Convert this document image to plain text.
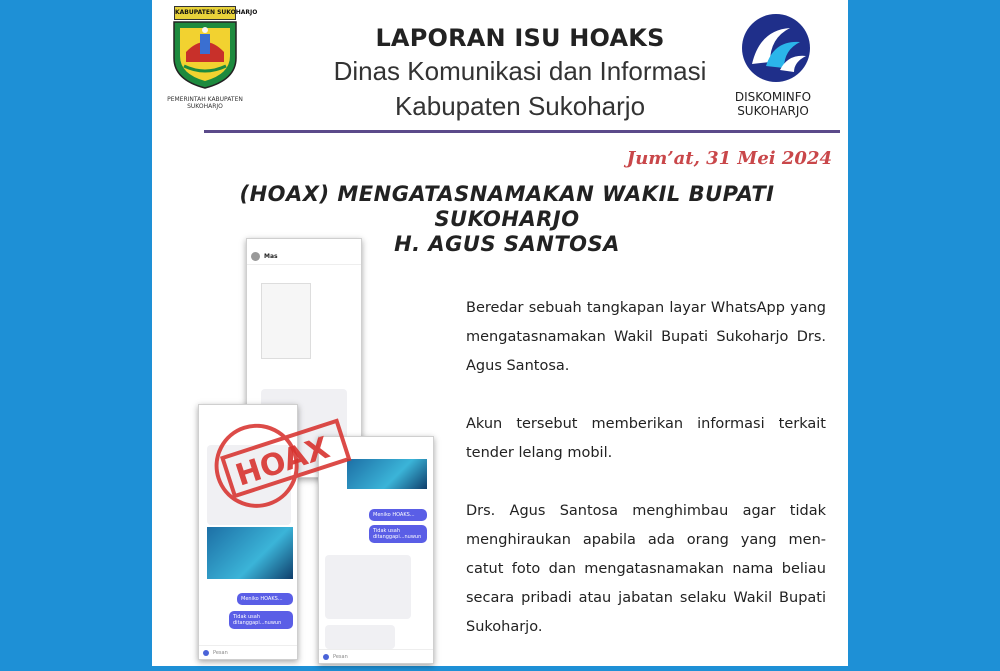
KABUPATEN SUKOHARJO
PEMERINTAH KABUPATEN SUKOHARJO
LAPORAN ISU HOAKS
Dinas Komunikasi dan Informasi
Kabupaten Sukoharjo	DISKOMINFO
SUKOHARJO
Jum’at, 31 Mei 2024
(HOAX) MENGATASNAMAKAN WAKIL BUPATI SUKOHARJO
H. AGUS SANTOSA
Mas
Meniko HOAKS...
Tidak usah ditanggapi...nuwun
Pesan
Meniko HOAKS...
Tidak usah ditanggapi...nuwun
Pesan
HOAX

Beredar sebuah tangkapan layar WhatsApp yang mengatasnamakan Wakil Bupati Sukoharjo Drs. Agus Santosa.

Akun tersebut memberikan informasi terkait tender lelang mobil.

Drs. Agus Santosa menghimbau agar tidak menghiraukan apabila ada orang yang men-catut foto dan mengatasnamakan nama beliau secara pribadi atau jabatan selaku Wakil Bupati Sukoharjo.
